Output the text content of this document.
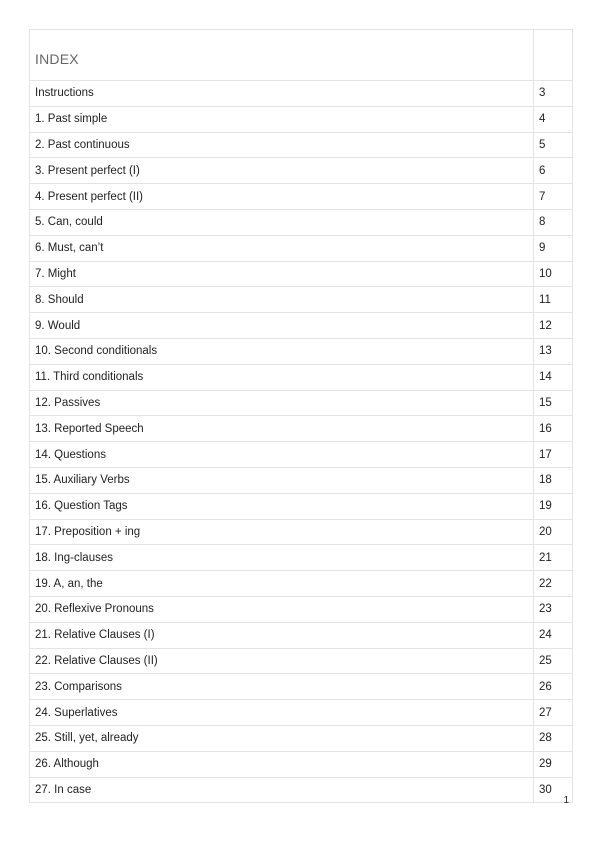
INDEX	
Instructions	3
1. Past simple	4
2. Past continuous	5
3. Present perfect (I)	6
4. Present perfect (II)	7
5. Can, could	8
6. Must, can’t	9
7. Might	10
8. Should	11
9. Would	12
10. Second conditionals	13
11. Third conditionals	14
12. Passives	15
13. Reported Speech	16
14. Questions	17
15. Auxiliary Verbs	18
16. Question Tags	19
17. Preposition + ing	20
18. Ing-clauses	21
19. A, an, the	22
20. Reflexive Pronouns	23
21. Relative Clauses (I)	24
22. Relative Clauses (II)	25
23. Comparisons	26
24. Superlatives	27
25. Still, yet, already	28
26. Although	29
27. In case	30
1
